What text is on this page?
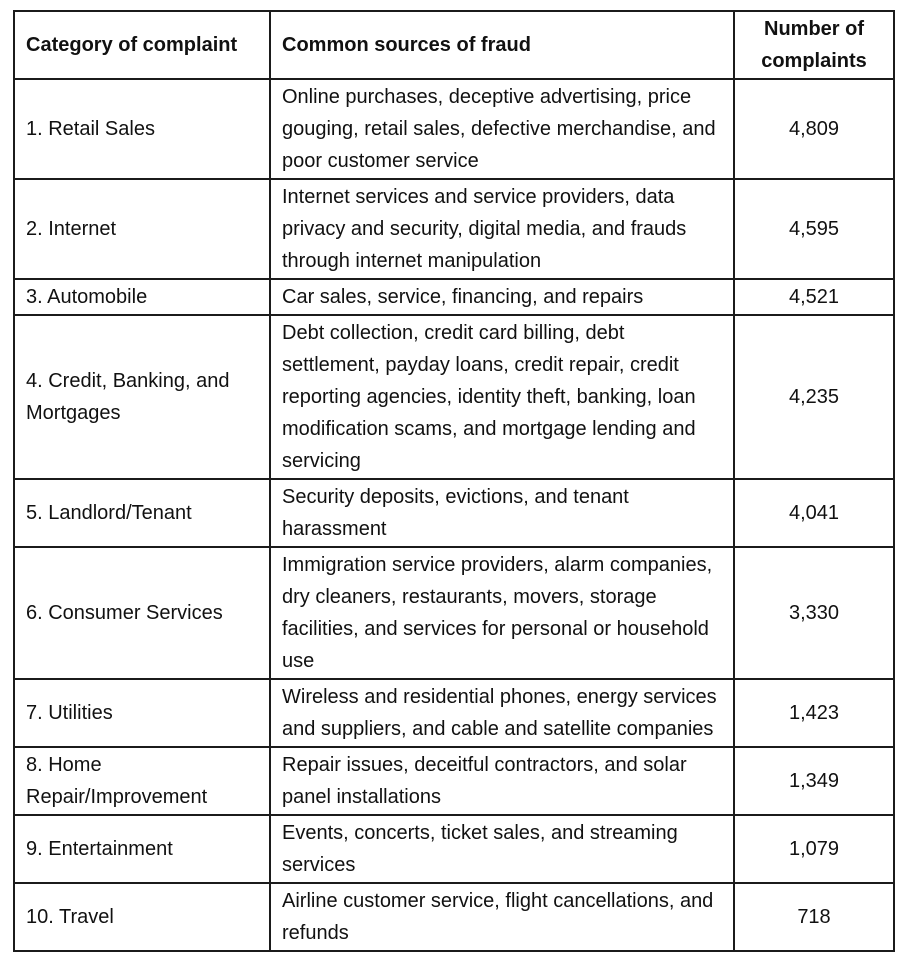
Category of complaint	Common sources of fraud	Number of complaints
1. Retail Sales	Online purchases, deceptive advertising, price gouging, retail sales, defective merchandise, and poor customer service	4,809
2. Internet	Internet services and service providers, data privacy and security, digital media, and frauds through internet manipulation	4,595
3. Automobile	Car sales, service, financing, and repairs	4,521
4. Credit, Banking, and Mortgages	Debt collection, credit card billing, debt settlement, payday loans, credit repair, credit reporting agencies, identity theft, banking, loan modification scams, and mortgage lending and servicing	4,235
5. Landlord/Tenant	Security deposits, evictions, and tenant harassment	4,041
6. Consumer Services	Immigration service providers, alarm companies, dry cleaners, restaurants, movers, storage facilities, and services for personal or household use	3,330
7. Utilities	Wireless and residential phones, energy services and suppliers, and cable and satellite companies	1,423
8. Home Repair/Improvement	Repair issues, deceitful contractors, and solar panel installations	1,349
9. Entertainment	Events, concerts, ticket sales, and streaming services	1,079
10. Travel	Airline customer service, flight cancellations, and refunds	718
